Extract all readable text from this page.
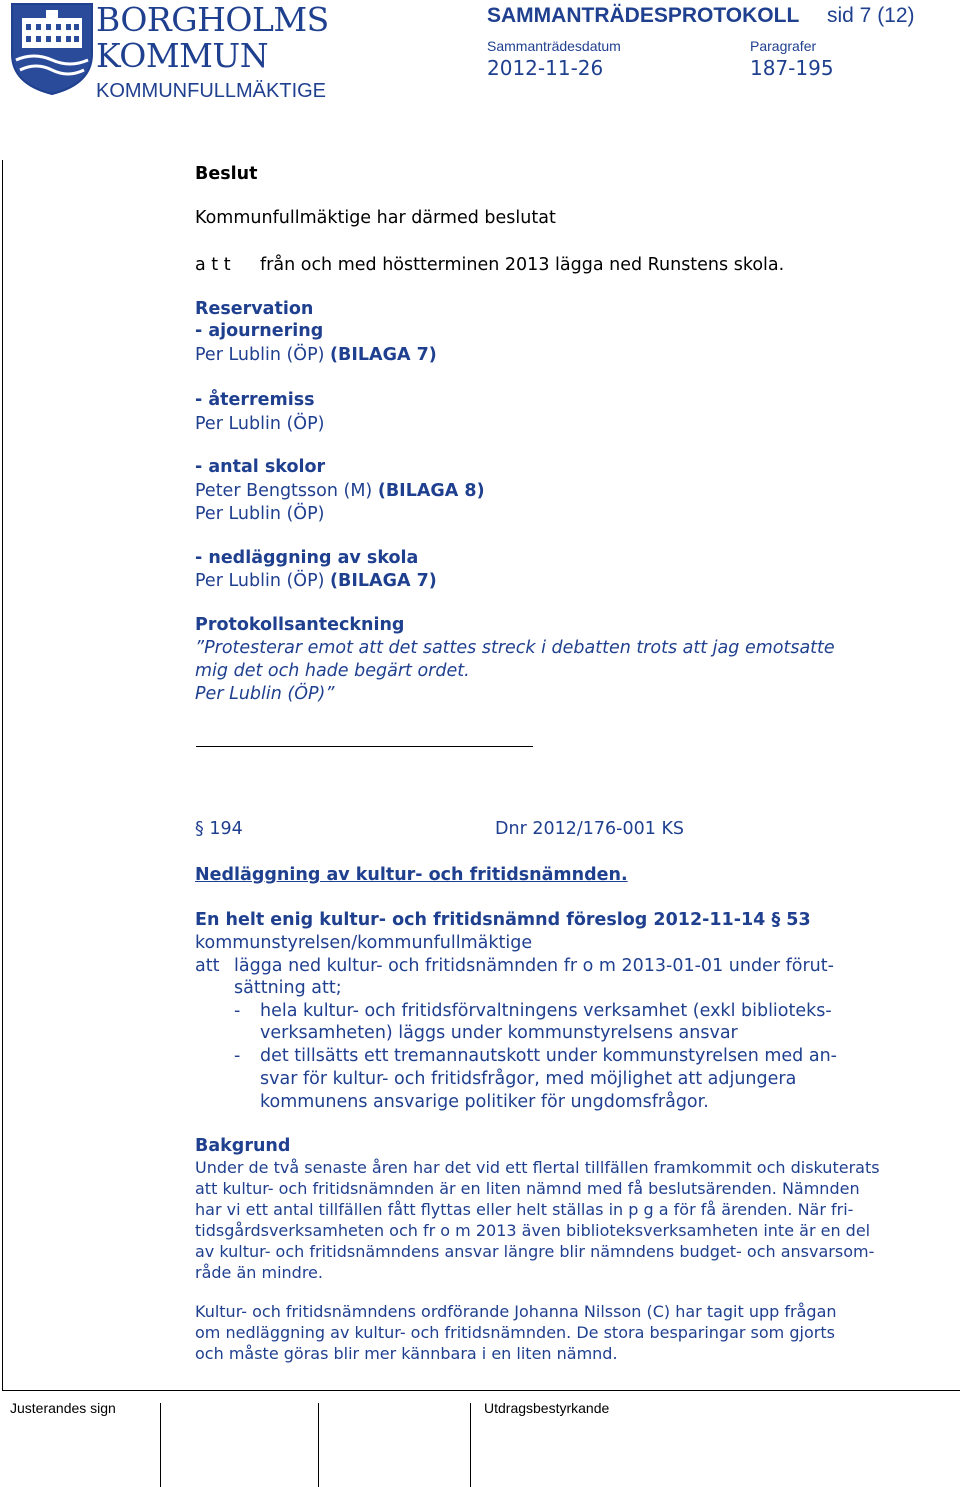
BORGHOLMS
KOMMUN
KOMMUNFULLMÄKTIGE
SAMMANTRÄDESPROTOKOLL sid 7 (12)
Sammanträdesdatum
2012-11-26
Paragrafer
187-195
Beslut
Kommunfullmäktige har därmed beslutat
a t t från och med höstterminen 2013 lägga ned Runstens skola.
Reservation
- ajournering
Per Lublin (ÖP) (BILAGA 7)
- återremiss
Per Lublin (ÖP)
- antal skolor
Peter Bengtsson (M) (BILAGA 8)
Per Lublin (ÖP)
- nedläggning av skola
Per Lublin (ÖP) (BILAGA 7)
Protokollsanteckning
”Protesterar emot att det sattes streck i debatten trots att jag emotsatte
mig det och hade begärt ordet.
Per Lublin (ÖP)”
§ 194	Dnr 2012/176-001 KS
Nedläggning av kultur- och fritidsnämnden.
En helt enig kultur- och fritidsnämnd föreslog 2012-11-14 § 53
kommunstyrelsen/kommunfullmäktige
att lägga ned kultur- och fritidsnämnden fr o m 2013-01-01 under förut-
sättning att;
- hela kultur- och fritidsförvaltningens verksamhet (exkl biblioteks-
verksamheten) läggs under kommunstyrelsens ansvar
- det tillsätts ett tremannautskott under kommunstyrelsen med an-
svar för kultur- och fritidsfrågor, med möjlighet att adjungera
kommunens ansvarige politiker för ungdomsfrågor.
Bakgrund
Under de två senaste åren har det vid ett flertal tillfällen framkommit och diskuterats
att kultur- och fritidsnämnden är en liten nämnd med få beslutsärenden. Nämnden
har vi ett antal tillfällen fått flyttas eller helt ställas in p g a för få ärenden. När fri-
tidsgårdsverksamheten och fr o m 2013 även biblioteksverksamheten inte är en del
av kultur- och fritidsnämndens ansvar längre blir nämndens budget- och ansvarsom-
råde än mindre.
Kultur- och fritidsnämndens ordförande Johanna Nilsson (C) har tagit upp frågan
om nedläggning av kultur- och fritidsnämnden. De stora besparingar som gjorts
och måste göras blir mer kännbara i en liten nämnd.
Justerandes sign	Utdragsbestyrkande
